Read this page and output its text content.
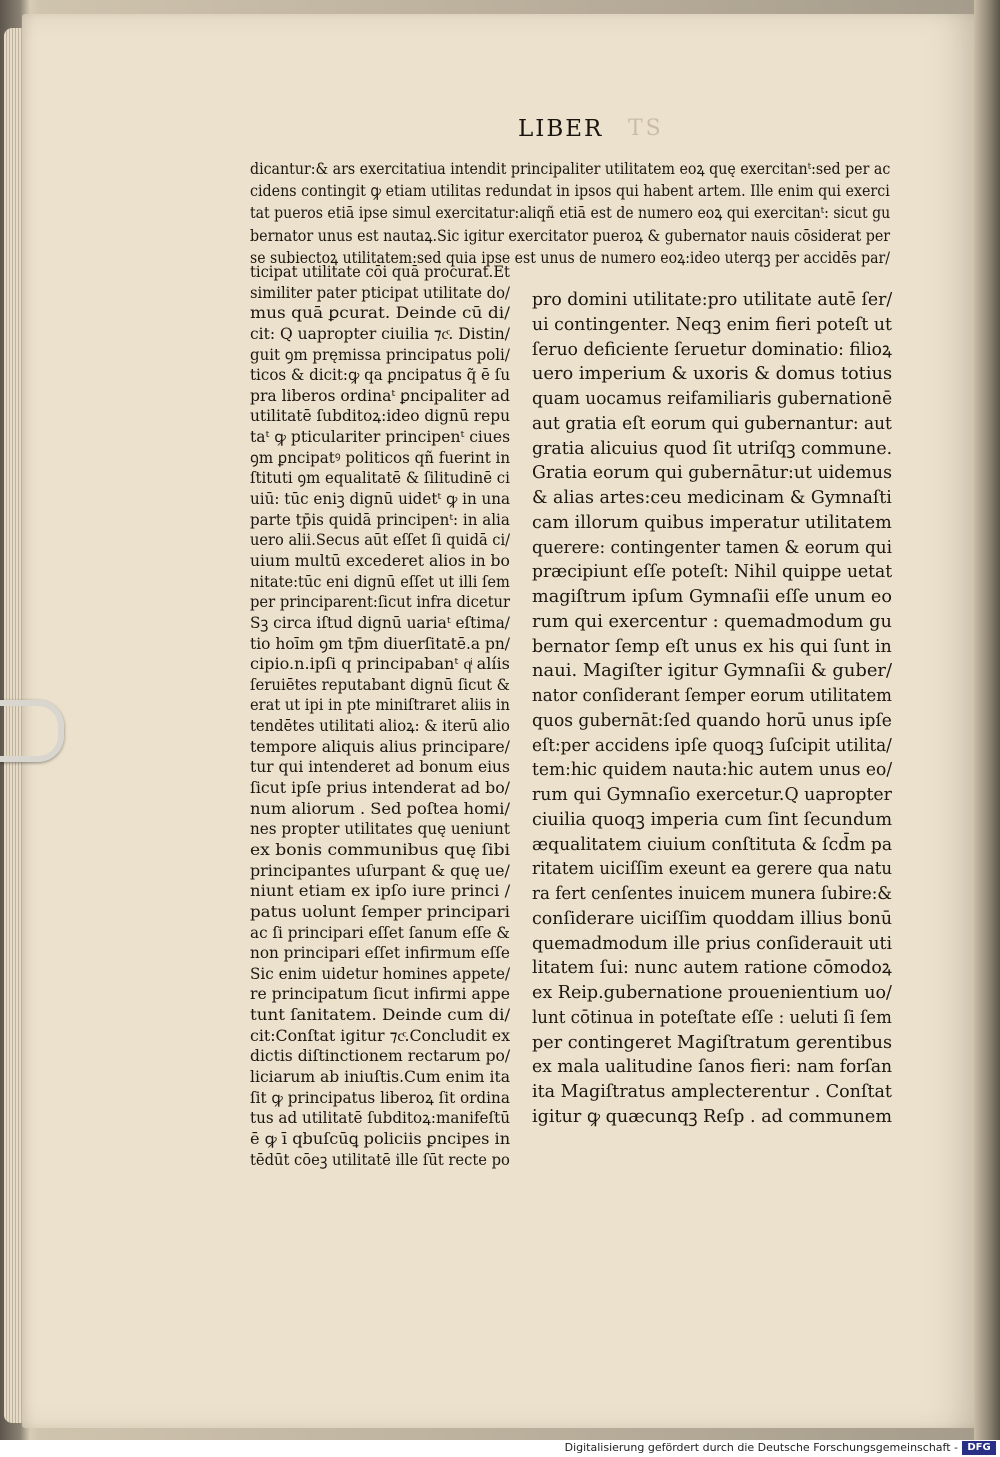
TS
LIBER
dicantur:& ars exercitatiua intendit principaliter utilitatem eoꝝ quę exercitanᵗ:sed per ac
cidens contingit ꝙ etiam utilitas redundat in ipsos qui habent artem. Ille enim qui exerci
tat pueros etiā ipse simul exercitatur:aliqñ etiā est de numero eoꝝ qui exercitanᵗ: sicut gu
bernator unus est nautaꝝ.Sic igitur exercitator pueroꝝ & gubernator nauis cōsiderat per
se subiectoꝝ utilitatem:sed quia ipse est unus de numero eoꝝ:ideo uterqꝫ per accidēs par/
ticipat utilitate cōi quā procurat.Et
similiter pater pticipat utilitate do/
mus quā ꝑcurat. Deinde cū di/
cit: Q uapropter ciuilia ⁊cͨ. Distin/
guit ꝯm pręmissa principatus poli/
ticos & dicit:ꝙ qa ꝑncipatus q̃ ē ſu
pra liberos ordinaᵗ ꝑncipaliter ad
utilitatē ſubditoꝝ:ideo dignū repu
taᵗ ꝙ pticulariter principenᵗ ciues
ꝯm ꝑncipatꝰ politicos qñ fuerint in
ſtituti ꝯm equalitatē & ſilitudinē ci
uiū: tūc eniꝫ dignū uidetᵗ ꝙ in una
parte tp̄is quidā principenᵗ: in alia
uero alii.Secus aūt eſſet ſi quidā ci/
uium multū excederet alios in bo
nitate:tūc eni dignū eſſet ut illi ſem
per principarent:ſicut infra dicetur
Sꝫ circa iſtud dignū uariaᵗ eſtima/
tio hoīm ꝯm tp̄m diuerſitatē.a pn/
cipio.n.ipſi q principabanᵗ qͥ alíis
ſeruiētes reputabant dignū ſicut &
erat ut ipi in pte miniſtraret aliis in
tendētes utilitati alioꝝ: & iterū alio
tempore aliquis alius principare/
tur qui intenderet ad bonum eius
ſicut ipſe prius intenderat ad bo/
num aliorum . Sed poſtea homi/
nes propter utilitates quę ueniunt
ex bonis communibus quę ſibi
principantes uſurpant & quę ue/
niunt etiam ex ipſo iure princi /
patus uolunt ſemper principari
ac ſi principari eſſet ſanum eſſe &
non principari eſſet infirmum eſſe
Sic enim uidetur homines appete/
re principatum ſicut infirmi appe
tunt ſanitatem. Deinde cum di/
cit:Conſtat igitur ⁊cͨ.Concludit ex
dictis diſtinctionem rectarum po/
liciarum ab iniuſtis.Cum enim ita
ſit ꝙ principatus liberoꝝ ſit ordina
tus ad utilitatē ſubditoꝝ:manifeſtū
ē ꝙ ī qbuſcūꝗ policiis ꝑncipes in
tēdūt cōeꝫ utilitatē ille ſūt recte po
pro domini utilitate:pro utilitate autē ſer/
ui contingenter. Neqꝫ enim fieri poteſt ut
ſeruo deficiente ſeruetur dominatio: filioꝝ
uero imperium & uxoris & domus totius
quam uocamus reifamiliaris gubernationē
aut gratia eſt eorum qui gubernantur: aut
gratia alicuius quod ſit utriſqꝫ commune.
Gratia eorum qui gubernātur:ut uidemus
& alias artes:ceu medicinam & Gymnaſti
cam illorum quibus imperatur utilitatem
querere: contingenter tamen & eorum qui
prӕcipiunt eſſe poteſt: Nihil quippe uetat
magiſtrum ipſum Gymnaſii eſſe unum eo
rum qui exercentur : quemadmodum gu
bernator ſemp eſt unus ex his qui ſunt in
naui. Magiſter igitur Gymnaſii & guber/
nator conſiderant ſemper eorum utilitatem
quos gubernāt:ſed quando horū unus ipſe
eſt:per accidens ipſe quoqꝫ ſuſcipit utilita/
tem:hic quidem nauta:hic autem unus eo/
rum qui Gymnaſio exercetur.Q uapropter
ciuilia quoqꝫ imperia cum ſint ſecundum
ӕqualitatem ciuium conſtituta & ſcd̄m pa
ritatem uiciſſim exeunt ea gerere qua natu
ra fert cenſentes inuicem munera ſubire:&
conſiderare uiciſſim quoddam illius bonū
quemadmodum ille prius conſiderauit uti
litatem ſui: nunc autem ratione cōmodoꝝ
ex Reip.gubernatione prouenientium uo/
lunt cōtinua in poteſtate eſſe : ueluti ſi ſem
per contingeret Magiſtratum gerentibus
ex mala ualitudine ſanos fieri: nam forſan
ita Magiſtratus amplecterentur . Conſtat
igitur ꝙ quӕcunqꝫ Reſp . ad communem
Digitalisierung gefördert durch die Deutsche Forschungsgemeinschaft - DFG
